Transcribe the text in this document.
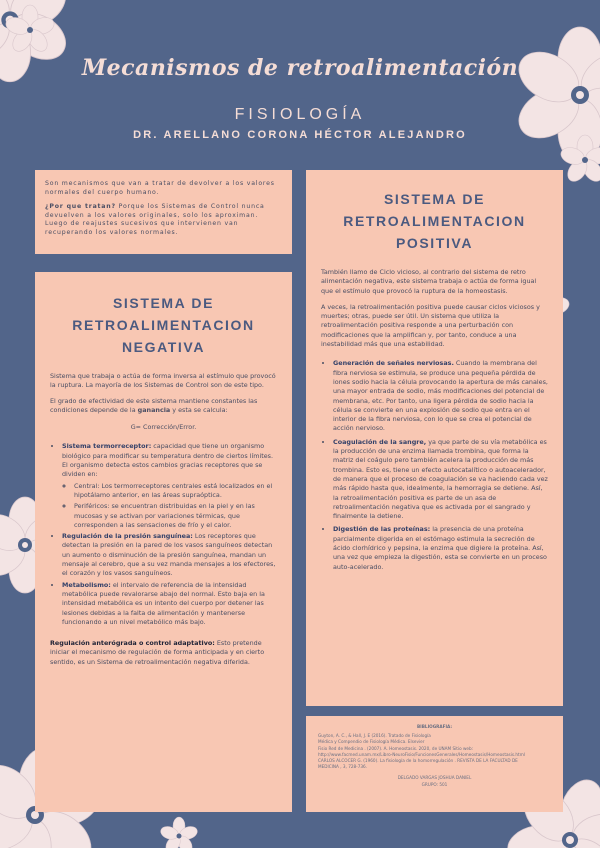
Mecanismos de retroalimentación
FISIOLOGÍA
DR. ARELLANO CORONA HÉCTOR ALEJANDRO

Son mecanismos que van a tratar de devolver a los valores normales del cuerpo humano.

¿Por que tratan? Porque los Sistemas de Control nunca devuelven a los valores originales, solo los aproximan. Luego de reajustes sucesivos que intervienen van recuperando los valores normales.

SISTEMA DE
RETROALIMENTACION
NEGATIVA

Sistema que trabaja o actúa de forma inversa al estímulo que provocó la ruptura. La mayoría de los Sistemas de Control son de este tipo.

El grado de efectividad de este sistema mantiene constantes las condiciones depende de la ganancia y esta se calcula:

G= Corrección/Error.

• Sistema termorreceptor: capacidad que tiene un organismo biológico para modificar su temperatura dentro de ciertos límites.
El organismo detecta estos cambios gracias receptores que se dividen en:
◦ Central: Los termorreceptores centrales está localizados en el hipotálamo anterior, en las áreas supraóptica.
◦ Periféricos: se encuentran distribuidas en la piel y en las mucosas y se activan por variaciones térmicas, que corresponden a las sensaciones de frío y el calor.
• Regulación de la presión sanguínea: Los receptores que detectan la presión en la pared de los vasos sanguíneos detectan un aumento o disminución de la presión sanguínea, mandan un mensaje al cerebro, que a su vez manda mensajes a los efectores, el corazón y los vasos sanguíneos.
• Metabolismo: el intervalo de referencia de la intensidad metabólica puede revalorarse abajo del normal. Esto baja en la intensidad metabólica es un intento del cuerpo por detener las lesiones debidas a la falta de alimentación y mantenerse funcionando a un nivel metabólico más bajo.

Regulación anterógrada o control adaptativo: Esto pretende iniciar el mecanismo de regulación de forma anticipada y en cierto sentido, es un Sistema de retroalimentación negativa diferida.

SISTEMA DE
RETROALIMENTACION
POSITIVA

También llamo de Ciclo vicioso, al contrario del sistema de retro alimentación negativa, este sistema trabaja o actúa de forma igual que el estímulo que provocó la ruptura de la homeostasis.

A veces, la retroalimentación positiva puede causar ciclos viciosos y muertes; otras, puede ser útil. Un sistema que utiliza la retroalimentación positiva responde a una perturbación con modificaciones que la amplifican y, por tanto, conduce a una inestabilidad más que una estabilidad.

• Generación de señales nerviosas. Cuando la membrana del fibra nerviosa se estimula, se produce una pequeña pérdida de iones sodio hacia la célula provocando la apertura de más canales, una mayor entrada de sodio, más modificaciones del potencial de membrana, etc. Por tanto, una ligera pérdida de sodio hacia la célula se convierte en una explosión de sodio que entra en el interior de la fibra nerviosa, con lo que se crea el potencial de acción nervioso.
• Coagulación de la sangre, ya que parte de su vía metabólica es la producción de una enzima llamada trombina, que forma la matriz del coágulo pero también acelera la producción de más trombina. Esto es, tiene un efecto autocatalítico o autoacelerador, de manera que el proceso de coagulación se va haciendo cada vez más rápido hasta que, idealmente, la hemorragia se detiene. Así, la retroalimentación positiva es parte de un asa de retroalimentación negativa que es activada por el sangrado y finalmente la detiene.
• Digestión de las proteínas: la presencia de una proteína parcialmente digerida en el estómago estimula la secreción de ácido clorhídrico y pepsina, la enzima que digiere la proteína. Así, una vez que empieza la digestión, esta se convierte en un proceso auto-acelerado.
BIBLIOGRAFIA:

Guyton, A. C., & Hall, J. E (2016). Tratado de Fisiología

Médica y Compendio de Fisiología Médica. Elsevier

Fisio Red de Medicina . (2007). A. Homeostasis. 2020, de UNAM Sitio web:

http://www.facmed.unam.mx/Libro-NeuroFisio/FuncionesGenerales/Homeostasis/Homeostasis.html

CARLOS ALCOCER G. (1960). La fisiología de la homorregulación . REVISTA DE LA FACULTAD DE

MEDICINA , 3, 728-736.

DELGADO VARGAS JOSHUA DANIEL
GRUPO: 501
